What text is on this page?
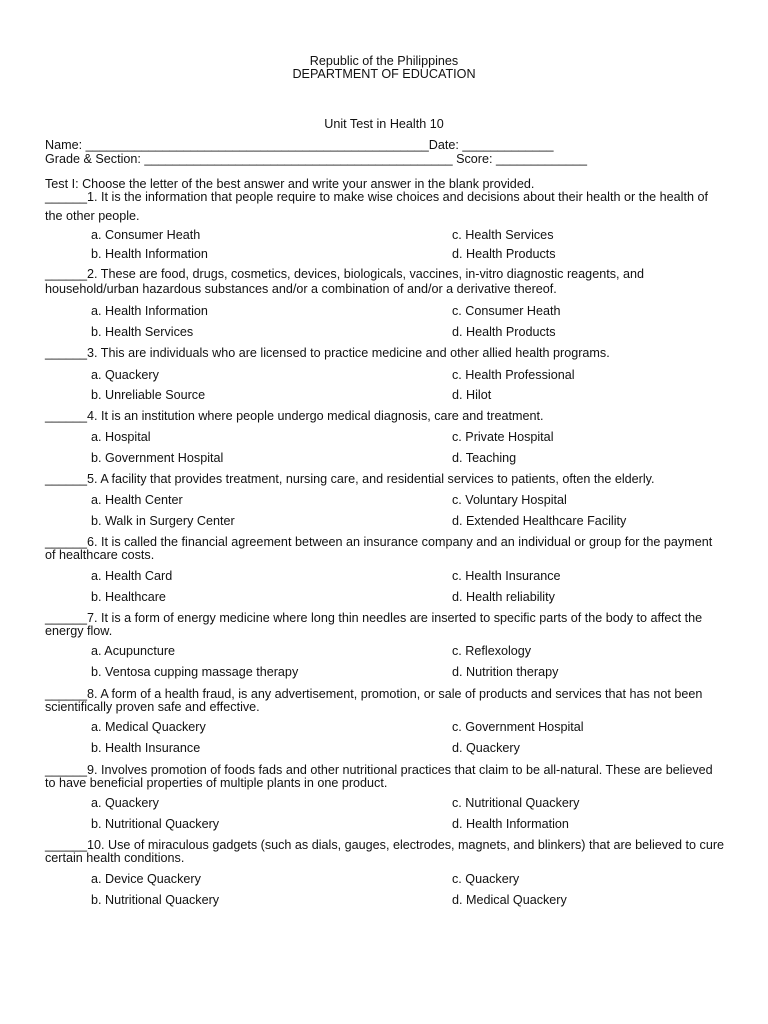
Republic of the Philippines
DEPARTMENT OF EDUCATION
Unit Test in Health 10
Name: _________________________________________________Date: _____________
Grade & Section: ____________________________________________ Score: _____________
Test I: Choose the letter of the best answer and write your answer in the blank provided.
______1. It is the information that people require to make wise choices and decisions about their health or the health of the other people.
a. Consumer Heath	c. Health Services
b. Health Information	d. Health Products
______2. These are food, drugs, cosmetics, devices, biologicals, vaccines, in-vitro diagnostic reagents, and household/urban hazardous substances and/or a combination of and/or a derivative thereof.
a. Health Information	c. Consumer Heath
b. Health Services	d. Health Products
______3. This are individuals who are licensed to practice medicine and other allied health programs.
a. Quackery	c. Health Professional
b. Unreliable Source	d. Hilot
______4. It is an institution where people undergo medical diagnosis, care and treatment.
a. Hospital	c. Private Hospital
b. Government Hospital	d. Teaching
______5. A facility that provides treatment, nursing care, and residential services to patients, often the elderly.
a. Health Center	c. Voluntary Hospital
b. Walk in Surgery Center	d. Extended Healthcare Facility
______6. It is called the financial agreement between an insurance company and an individual or group for the payment of healthcare costs.
a. Health Card	c. Health Insurance
b. Healthcare	d. Health reliability
______7. It is a form of energy medicine where long thin needles are inserted to specific parts of the body to affect the energy flow.
a. Acupuncture	c. Reflexology
b. Ventosa cupping massage therapy	d. Nutrition therapy
______8. A form of a health fraud, is any advertisement, promotion, or sale of products and services that has not been scientifically proven safe and effective.
a. Medical Quackery	c. Government Hospital
b. Health Insurance	d. Quackery
______9. Involves promotion of foods fads and other nutritional practices that claim to be all-natural. These are believed to have beneficial properties of multiple plants in one product.
a. Quackery	c. Nutritional Quackery
b. Nutritional Quackery	d. Health Information
______10. Use of miraculous gadgets (such as dials, gauges, electrodes, magnets, and blinkers) that are believed to cure certain health conditions.
a. Device Quackery	c. Quackery
b. Nutritional Quackery	d. Medical Quackery
